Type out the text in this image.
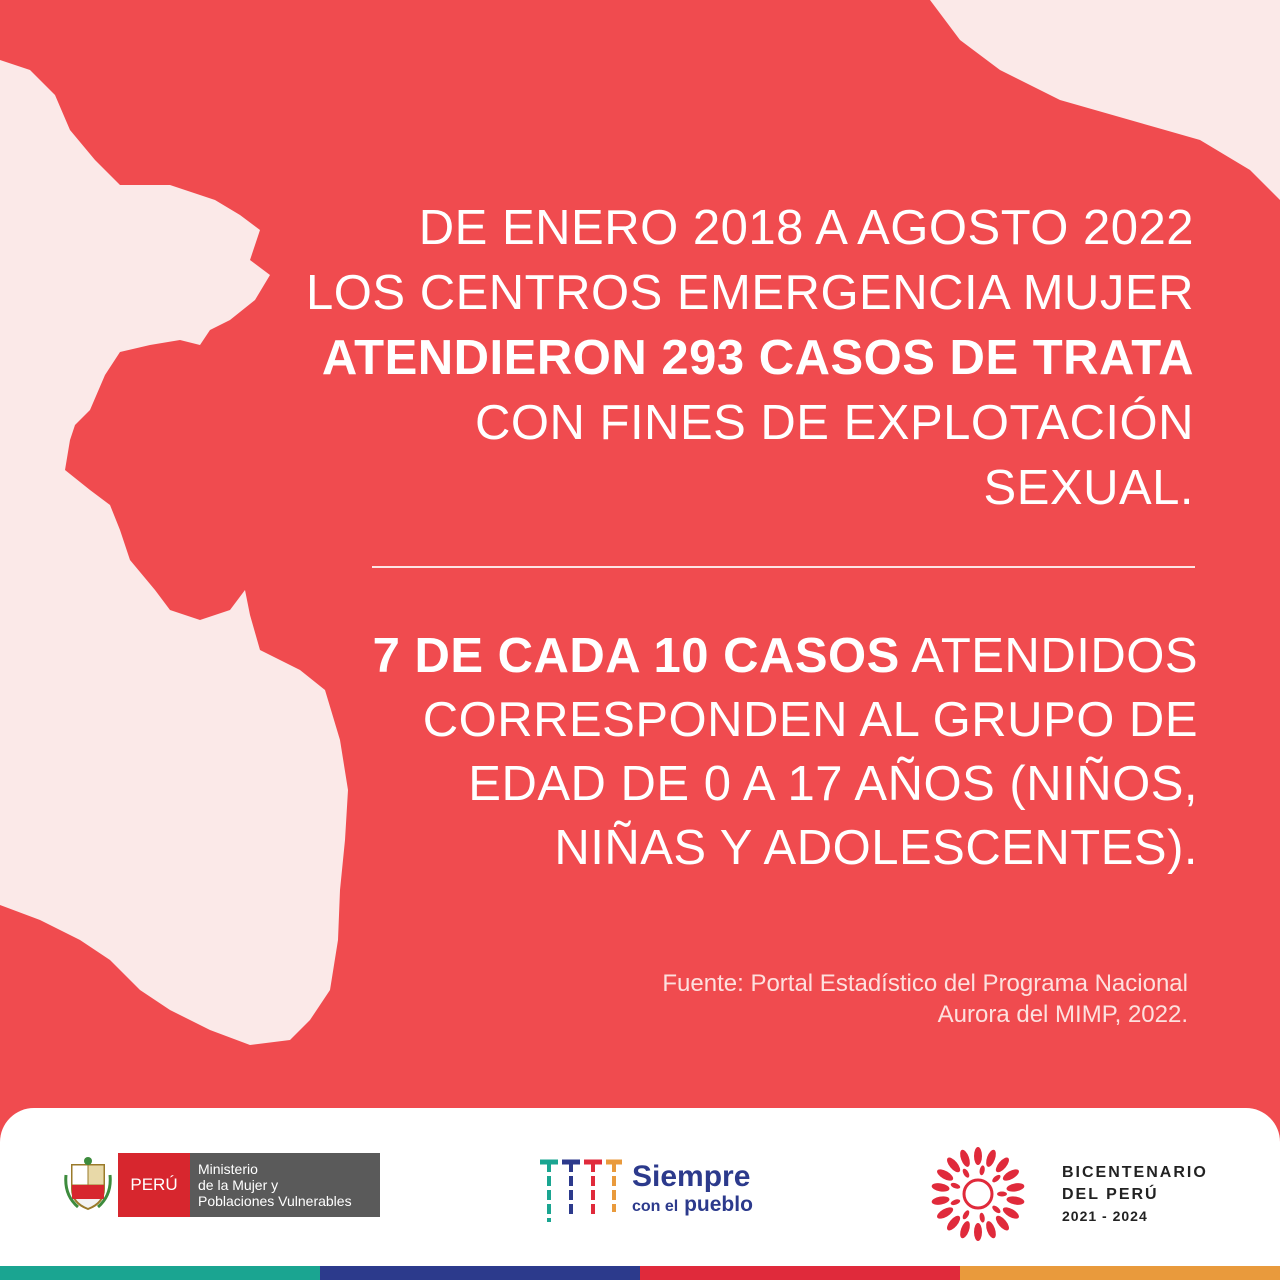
DE ENERO 2018 A AGOSTO 2022
LOS CENTROS EMERGENCIA MUJER
ATENDIERON 293 CASOS DE TRATA
CON FINES DE EXPLOTACIÓN
SEXUAL.
7 DE CADA 10 CASOS ATENDIDOS
CORRESPONDEN AL GRUPO DE
EDAD DE 0 A 17 AÑOS (NIÑOS,
NIÑAS Y ADOLESCENTES).
Fuente: Portal Estadístico del Programa Nacional
Aurora del MIMP, 2022.
PERÚ
Ministerio
de la Mujer y
Poblaciones Vulnerables
Siempre
con el pueblo
BICENTENARIO
DEL PERÚ
2021 - 2024
